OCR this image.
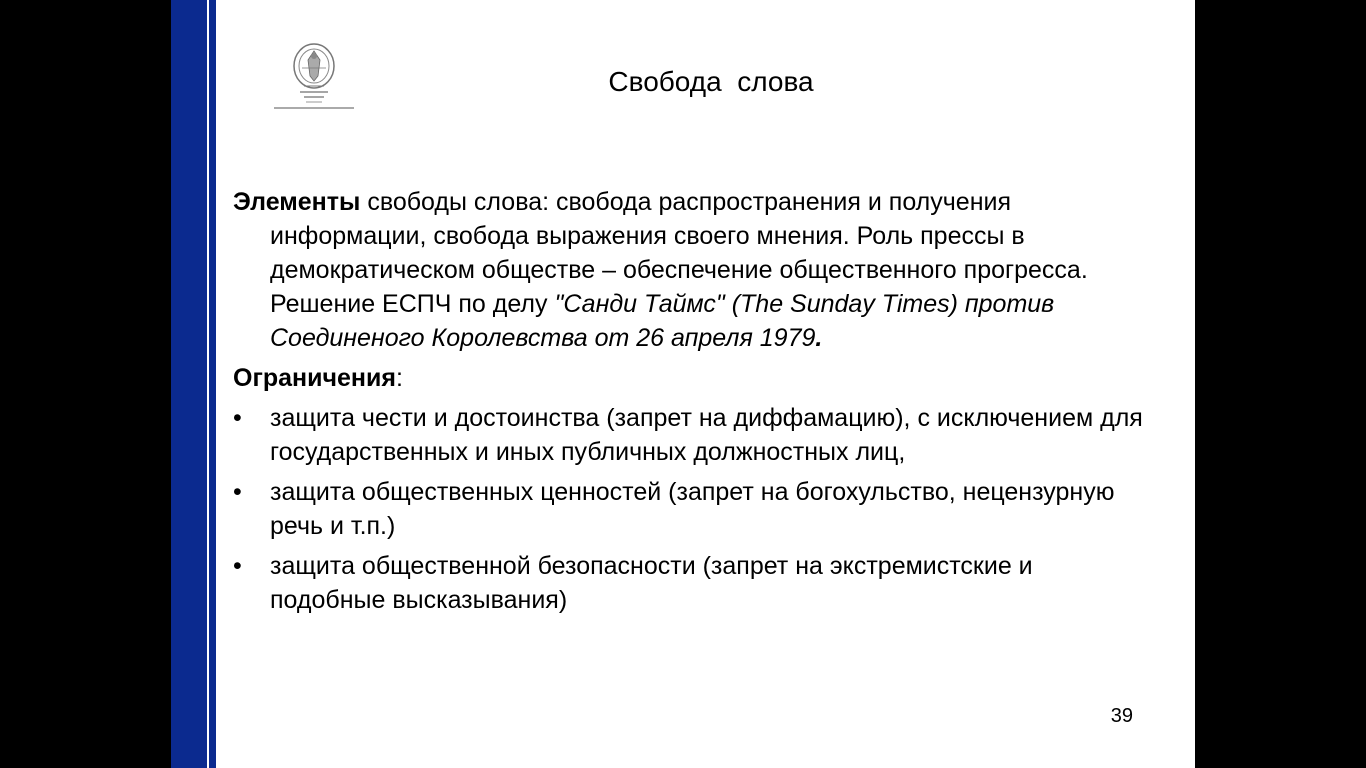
Свобода  слова

Элементы свободы слова: свобода распространения и получения информации, свобода выражения своего мнения. Роль прессы в демократическом обществе – обеспечение общественного прогресса. Решение ЕСПЧ по делу "Санди Таймс" (The Sunday Times) против Соединеного Королевства от 26 апреля 1979.

Ограничения:

•	защита чести и достоинства (запрет на диффамацию), с исключением для государственных и иных публичных должностных лиц,
•	защита общественных ценностей (запрет на богохульство, нецензурную речь и т.п.)
•	защита общественной безопасности (запрет на экстремистские и подобные высказывания)
39
